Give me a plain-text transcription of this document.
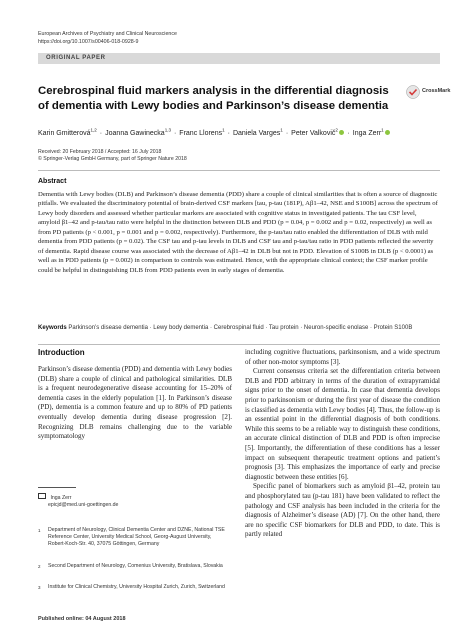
European Archives of Psychiatry and Clinical Neuroscience
https://doi.org/10.1007/s00406-018-0928-9
ORIGINAL PAPER
CrossMark
Cerebrospinal fluid markers analysis in the differential diagnosis of dementia with Lewy bodies and Parkinson’s disease dementia
Karin Gmitterová$^{1,2}$ · Joanna Gawinecka$^{1,3}$ · Franc Llorens$^1$ · Daniela Varges$^1$ · Peter Valkovič$^2$ · Inga Zerr$^1$
Received: 20 February 2018 / Accepted: 16 July 2018
© Springer-Verlag GmbH Germany, part of Springer Nature 2018
Abstract
Dementia with Lewy bodies (DLB) and Parkinson’s disease dementia (PDD) share a couple of clinical similarities that is often a source of diagnostic pitfalls. We evaluated the discriminatory potential of brain-derived CSF markers [tau, p-tau (181P), Aβ1–42, NSE and S100B] across the spectrum of Lewy body disorders and assessed whether particular markers are associated with cognitive status in investigated patients. The tau CSF level, amyloid β1–42 and p-tau/tau ratio were helpful in the distinction between DLB and PDD (p = 0.04, p = 0.002 and p = 0.02, respectively) as well as from PD patients (p < 0.001, p = 0.001 and p = 0.002, respectively). Furthermore, the p-tau/tau ratio enabled the differentiation of DLB with mild dementia from PDD patients (p = 0.02). The CSF tau and p-tau levels in DLB and CSF tau and p-tau/tau ratio in PDD patients reflected the severity of dementia. Rapid disease course was associated with the decrease of Aβ1–42 in DLB but not in PDD. Elevation of S100B in DLB (p < 0.0001) as well as in PDD patients (p = 0.002) in comparison to controls was estimated. Hence, with the appropriate clinical context; the CSF marker profile could be helpful in distinguishing DLB from PDD patients even in early stages of dementia.
Keywords Parkinson’s disease dementia · Lewy body dementia · Cerebrospinal fluid · Tau protein · Neuron-specific enolase · Protein S100B
Introduction

Parkinson’s disease dementia (PDD) and dementia with Lewy bodies (DLB) share a couple of clinical and pathological similarities. DLB is a frequent neurodegenerative disease accounting for 15–20% of dementia cases in the elderly population [1]. In Parkinson’s disease (PD), dementia is a common feature and up to 80% of PD patients eventually develop dementia during disease progression [2]. Recognizing DLB remains challenging due to the variable symptomatology

Inga Zerr
epicjd@med.uni-goettingen.de
1 Department of Neurology, Clinical Dementia Center and DZNE, National TSE Reference Center, University Medical School, Georg-August University, Robert-Koch-Str. 40, 37075 Göttingen, Germany
2 Second Department of Neurology, Comenius University, Bratislava, Slovakia
3 Institute for Clinical Chemistry, University Hospital Zurich, Zurich, Switzerland

including cognitive fluctuations, parkinsonism, and a wide spectrum of other non-motor symptoms [3].

Current consensus criteria set the differentiation criteria between DLB and PDD arbitrary in terms of the duration of extrapyramidal signs prior to the onset of dementia. In case that dementia develops prior to parkinsonism or during the first year of disease the condition is classified as dementia with Lewy bodies [4]. Thus, the follow-up is an essential point in the differential diagnosis of both conditions. While this seems to be a reliable way to distinguish these conditions, an accurate clinical distinction of DLB and PDD is often imprecise [5]. Importantly, the differentiation of these conditions has a lesser impact on subsequent therapeutic treatment options and patient’s prognosis [3]. This emphasizes the importance of early and precise diagnostic between these entities [6].

Specific panel of biomarkers such as amyloid β1–42, protein tau and phosphorylated tau (p-tau 181) have been validated to reflect the pathology and CSF analysis has been included in the criteria for the diagnosis of Alzheimer’s disease (AD) [7]. On the other hand, there are no specific CSF biomarkers for DLB and PDD, to date. This is partly related

Published online: 04 August 2018
